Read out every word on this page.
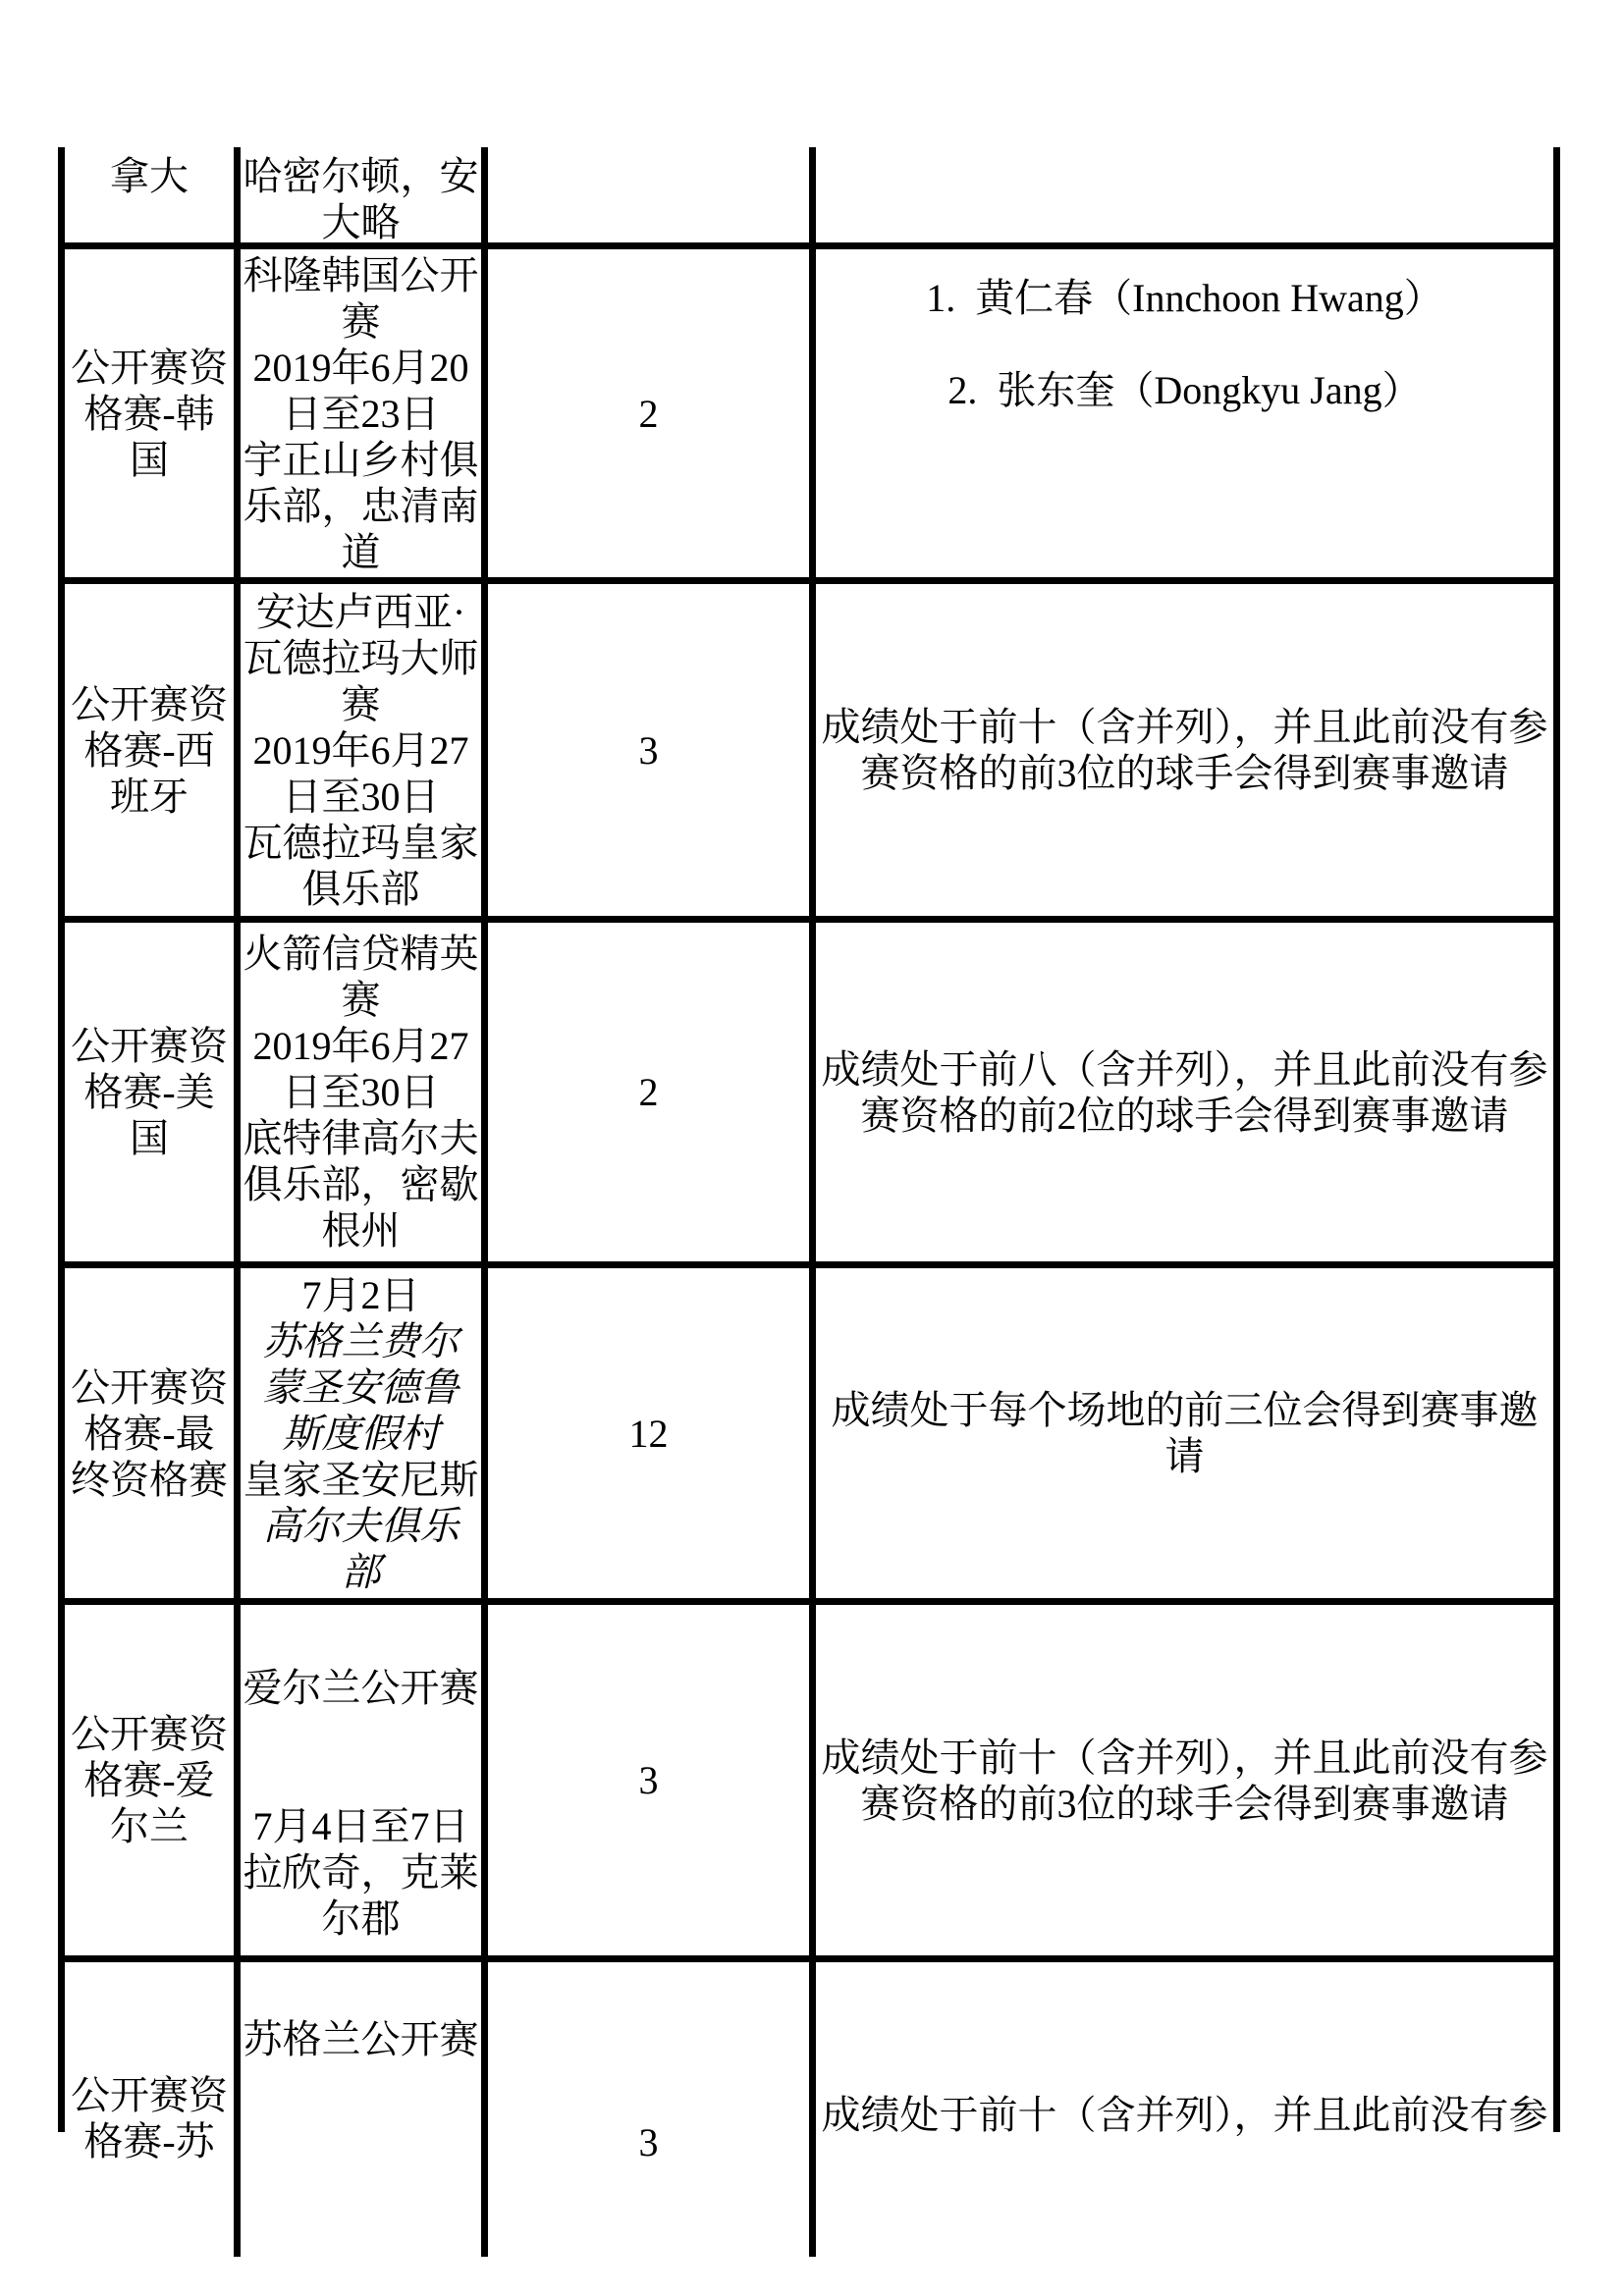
拿大 哈密尔顿，安
大略
公开赛资
格赛-韩
国
科隆韩国公开
赛
2019年6月20
日至23日
宇正山乡村俱
乐部，忠清南
道
2
1.  黄仁春（Innchoon Hwang）

2.  张东奎（Dongkyu Jang）
公开赛资
格赛-西
班牙
安达卢西亚·
瓦德拉玛大师
赛
2019年6月27
日至30日
瓦德拉玛皇家
俱乐部
3
成绩处于前十（含并列），并且此前没有参
赛资格的前3位的球手会得到赛事邀请
公开赛资
格赛-美
国
火箭信贷精英
赛
2019年6月27
日至30日
底特律高尔夫
俱乐部，密歇
根州
2
成绩处于前八（含并列），并且此前没有参
赛资格的前2位的球手会得到赛事邀请
公开赛资
格赛-最
终资格赛
7月2日
苏格兰费尔
蒙圣安德鲁
斯度假村
皇家圣安尼斯
高尔夫俱乐
部
12
成绩处于每个场地的前三位会得到赛事邀请
公开赛资
格赛-爱
尔兰

爱尔兰公开赛

7月4日至7日
拉欣奇，克莱
尔郡
3
成绩处于前十（含并列），并且此前没有参
赛资格的前3位的球手会得到赛事邀请
公开赛资
格赛-苏

苏格兰公开赛
3
成绩处于前十（含并列），并且此前没有参
